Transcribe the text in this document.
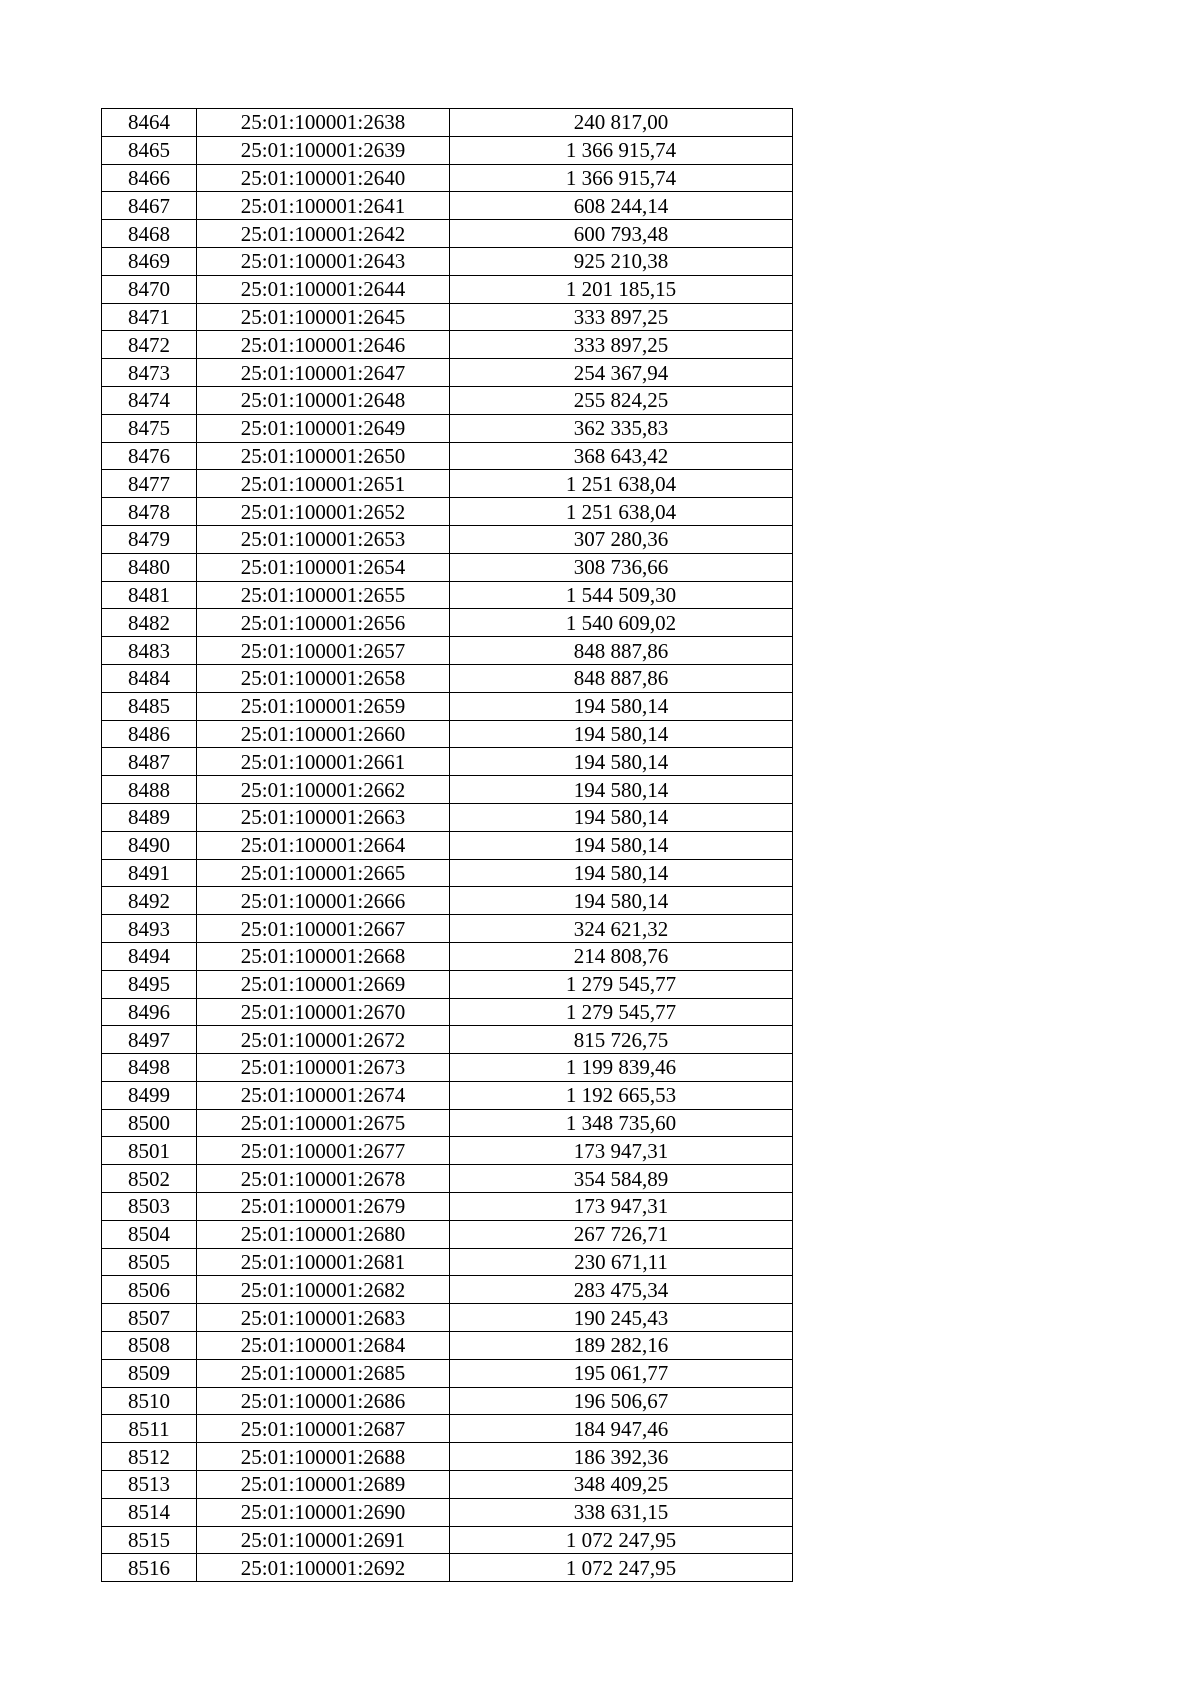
8464	25:01:100001:2638	240 817,00
8465	25:01:100001:2639	1 366 915,74
8466	25:01:100001:2640	1 366 915,74
8467	25:01:100001:2641	608 244,14
8468	25:01:100001:2642	600 793,48
8469	25:01:100001:2643	925 210,38
8470	25:01:100001:2644	1 201 185,15
8471	25:01:100001:2645	333 897,25
8472	25:01:100001:2646	333 897,25
8473	25:01:100001:2647	254 367,94
8474	25:01:100001:2648	255 824,25
8475	25:01:100001:2649	362 335,83
8476	25:01:100001:2650	368 643,42
8477	25:01:100001:2651	1 251 638,04
8478	25:01:100001:2652	1 251 638,04
8479	25:01:100001:2653	307 280,36
8480	25:01:100001:2654	308 736,66
8481	25:01:100001:2655	1 544 509,30
8482	25:01:100001:2656	1 540 609,02
8483	25:01:100001:2657	848 887,86
8484	25:01:100001:2658	848 887,86
8485	25:01:100001:2659	194 580,14
8486	25:01:100001:2660	194 580,14
8487	25:01:100001:2661	194 580,14
8488	25:01:100001:2662	194 580,14
8489	25:01:100001:2663	194 580,14
8490	25:01:100001:2664	194 580,14
8491	25:01:100001:2665	194 580,14
8492	25:01:100001:2666	194 580,14
8493	25:01:100001:2667	324 621,32
8494	25:01:100001:2668	214 808,76
8495	25:01:100001:2669	1 279 545,77
8496	25:01:100001:2670	1 279 545,77
8497	25:01:100001:2672	815 726,75
8498	25:01:100001:2673	1 199 839,46
8499	25:01:100001:2674	1 192 665,53
8500	25:01:100001:2675	1 348 735,60
8501	25:01:100001:2677	173 947,31
8502	25:01:100001:2678	354 584,89
8503	25:01:100001:2679	173 947,31
8504	25:01:100001:2680	267 726,71
8505	25:01:100001:2681	230 671,11
8506	25:01:100001:2682	283 475,34
8507	25:01:100001:2683	190 245,43
8508	25:01:100001:2684	189 282,16
8509	25:01:100001:2685	195 061,77
8510	25:01:100001:2686	196 506,67
8511	25:01:100001:2687	184 947,46
8512	25:01:100001:2688	186 392,36
8513	25:01:100001:2689	348 409,25
8514	25:01:100001:2690	338 631,15
8515	25:01:100001:2691	1 072 247,95
8516	25:01:100001:2692	1 072 247,95
